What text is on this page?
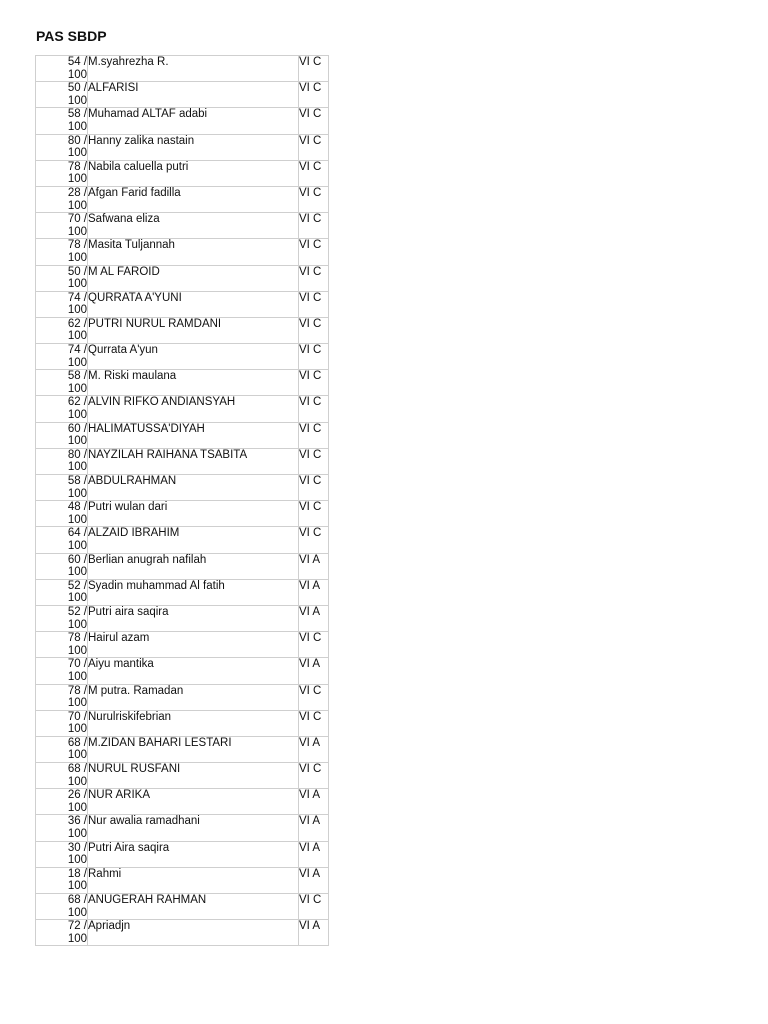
PAS SBDP
54 /
100	M.syahrezha R.	VI C

50 /
100	ALFARISI	VI C

58 /
100	Muhamad ALTAF adabi	VI C

80 /
100	Hanny zalika nastain	VI C

78 /
100	Nabila caluella putri	VI C

28 /
100	Afgan Farid fadilla	VI C

70 /
100	Safwana eliza	VI C

78 /
100	Masita Tuljannah	VI C

50 /
100	M AL FAROID	VI C

74 /
100	QURRATA A'YUNI	VI C

62 /
100	PUTRI NURUL RAMDANI	VI C

74 /
100	Qurrata A'yun	VI C

58 /
100	M. Riski maulana	VI C

62 /
100	ALVIN RIFKO ANDIANSYAH	VI C

60 /
100	HALIMATUSSA'DIYAH	VI C

80 /
100	NAYZILAH RAIHANA TSABITA	VI C

58 /
100	ABDULRAHMAN	VI C

48 /
100	Putri wulan dari	VI C

64 /
100	ALZAID IBRAHIM	VI C

60 /
100	Berlian anugrah nafilah	VI A

52 /
100	Syadin muhammad Al fatih	VI A

52 /
100	Putri aira saqira	VI A

78 /
100	Hairul azam	VI C

70 /
100	Aiyu mantika	VI A

78 /
100	M putra. Ramadan	VI C

70 /
100	Nurulriskifebrian	VI C

68 /
100	M.ZIDAN BAHARI LESTARI	VI A

68 /
100	NURUL RUSFANI	VI C

26 /
100	NUR ARIKA	VI A

36 /
100	Nur awalia ramadhani	VI A

30 /
100	Putri Aira saqira	VI A

18 /
100	Rahmi	VI A

68 /
100	ANUGERAH RAHMAN	VI C

72 /
100	Apriadjn	VI A
